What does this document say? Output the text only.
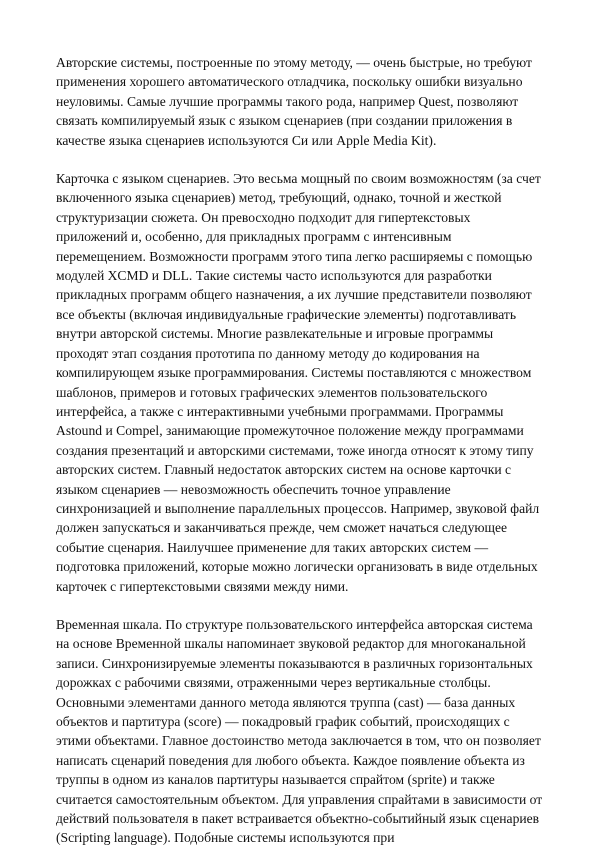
Авторские системы, построенные по этому методу, — очень быстрые, но требуют применения хорошего автоматического отладчика, поскольку ошибки визуально неуловимы. Самые лучшие программы такого рода, например Quest, позволяют связать компилируемый язык с языком сценариев (при создании приложения в качестве языка сценариев используются Си или Apple Media Kit).

Карточка с языком сценариев. Это весьма мощный по своим возможностям (за счет включенного языка сценариев) метод, требующий, однако, точной и жесткой структуризации сюжета. Он превосходно подходит для гипертекстовых приложений и, особенно, для прикладных программ с интенсивным перемещением. Возможности программ этого типа легко расширяемы с помощью модулей XCMD и DLL. Такие системы часто используются для разработки прикладных программ общего назначения, а их лучшие представители позволяют все объекты (включая индивидуальные графические элементы) подготавливать внутри авторской системы. Многие развлекательные и игровые программы проходят этап создания прототипа по данному методу до кодирования на компилирующем языке программирования. Системы поставляются с множеством шаблонов, примеров и готовых графических элементов пользовательского интерфейса, а также с интерактивными учебными программами. Программы Astound и Compel, занимающие промежуточное положение между программами создания презентаций и авторскими системами, тоже иногда относят к этому типу авторских систем. Главный недостаток авторских систем на основе карточки с языком сценариев — невозможность обеспечить точное управление синхронизацией и выполнение параллельных процессов. Например, звуковой файл должен запускаться и заканчиваться прежде, чем сможет начаться следующее событие сценария. Наилучшее применение для таких авторских систем — подготовка приложений, которые можно логически организовать в виде отдельных карточек с гипертекстовыми связями между ними.

Временная шкала. По структуре пользовательского интерфейса авторская система на основе Временной шкалы напоминает звуковой редактор для многоканальной записи. Синхронизируемые элементы показываются в различных горизонтальных дорожках с рабочими связями, отраженными через вертикальные столбцы. Основными элементами данного метода являются труппа (cast) — база данных объектов и партитура (score) — покадровый график событий, происходящих с этими объектами. Главное достоинство метода заключается в том, что он позволяет написать сценарий поведения для любого объекта. Каждое появление объекта из труппы в одном из каналов партитуры называется спрайтом (sprite) и также считается самостоятельным объектом. Для управления спрайтами в зависимости от действий пользователя в пакет встраивается объектно-событийный язык сценариев (Scripting language). Подобные системы используются при
